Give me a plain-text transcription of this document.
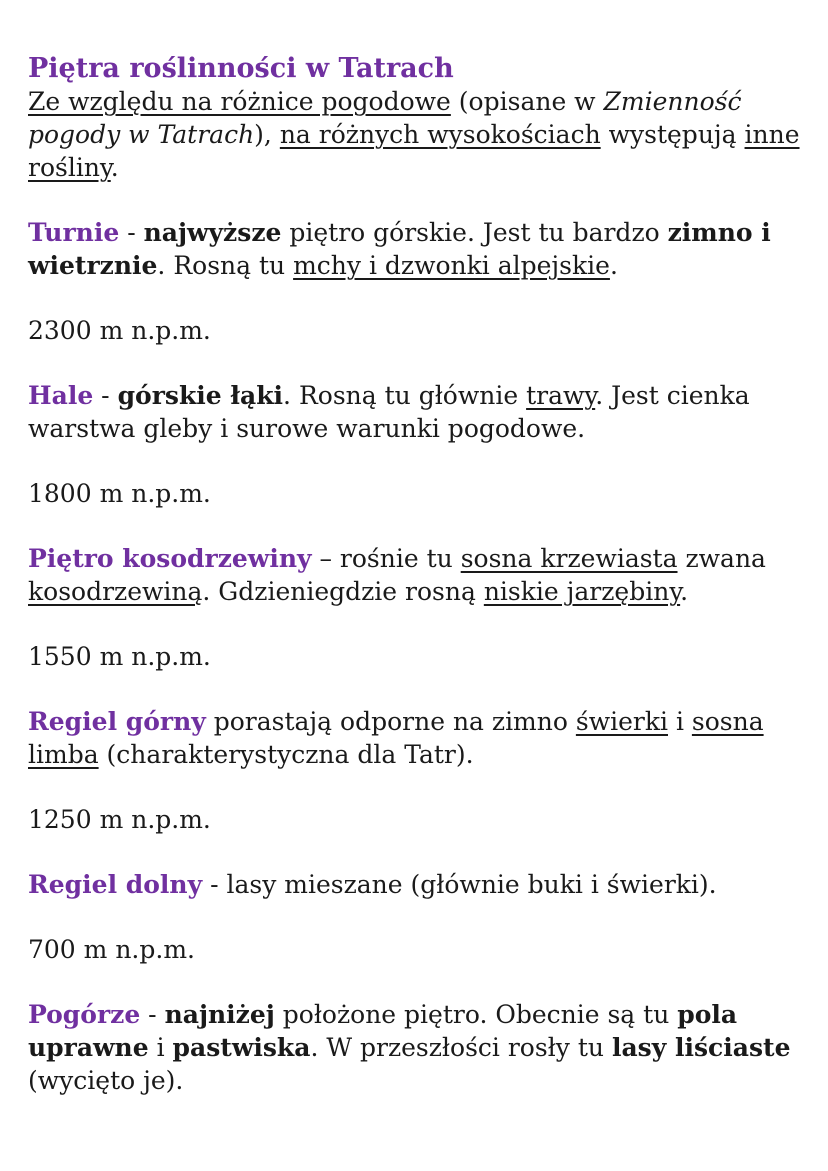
Piętra roślinności w Tatrach
Ze względu na różnice pogodowe (opisane w Zmienność pogody w Tatrach), na różnych wysokościach występują inne rośliny.

Turnie - najwyższe piętro górskie. Jest tu bardzo zimno i wietrznie. Rosną tu mchy i dzwonki alpejskie.

2300 m n.p.m.

Hale - górskie łąki. Rosną tu głównie trawy. Jest cienka warstwa gleby i surowe warunki pogodowe.

1800 m n.p.m.

Piętro kosodrzewiny – rośnie tu sosna krzewiasta zwana kosodrzewiną. Gdzieniegdzie rosną niskie jarzębiny.

1550 m n.p.m.

Regiel górny porastają odporne na zimno świerki i sosna limba (charakterystyczna dla Tatr).

1250 m n.p.m.

Regiel dolny - lasy mieszane (głównie buki i świerki).

700 m n.p.m.

Pogórze - najniżej położone piętro. Obecnie są tu pola uprawne i pastwiska. W przeszłości rosły tu lasy liściaste (wycięto je).
